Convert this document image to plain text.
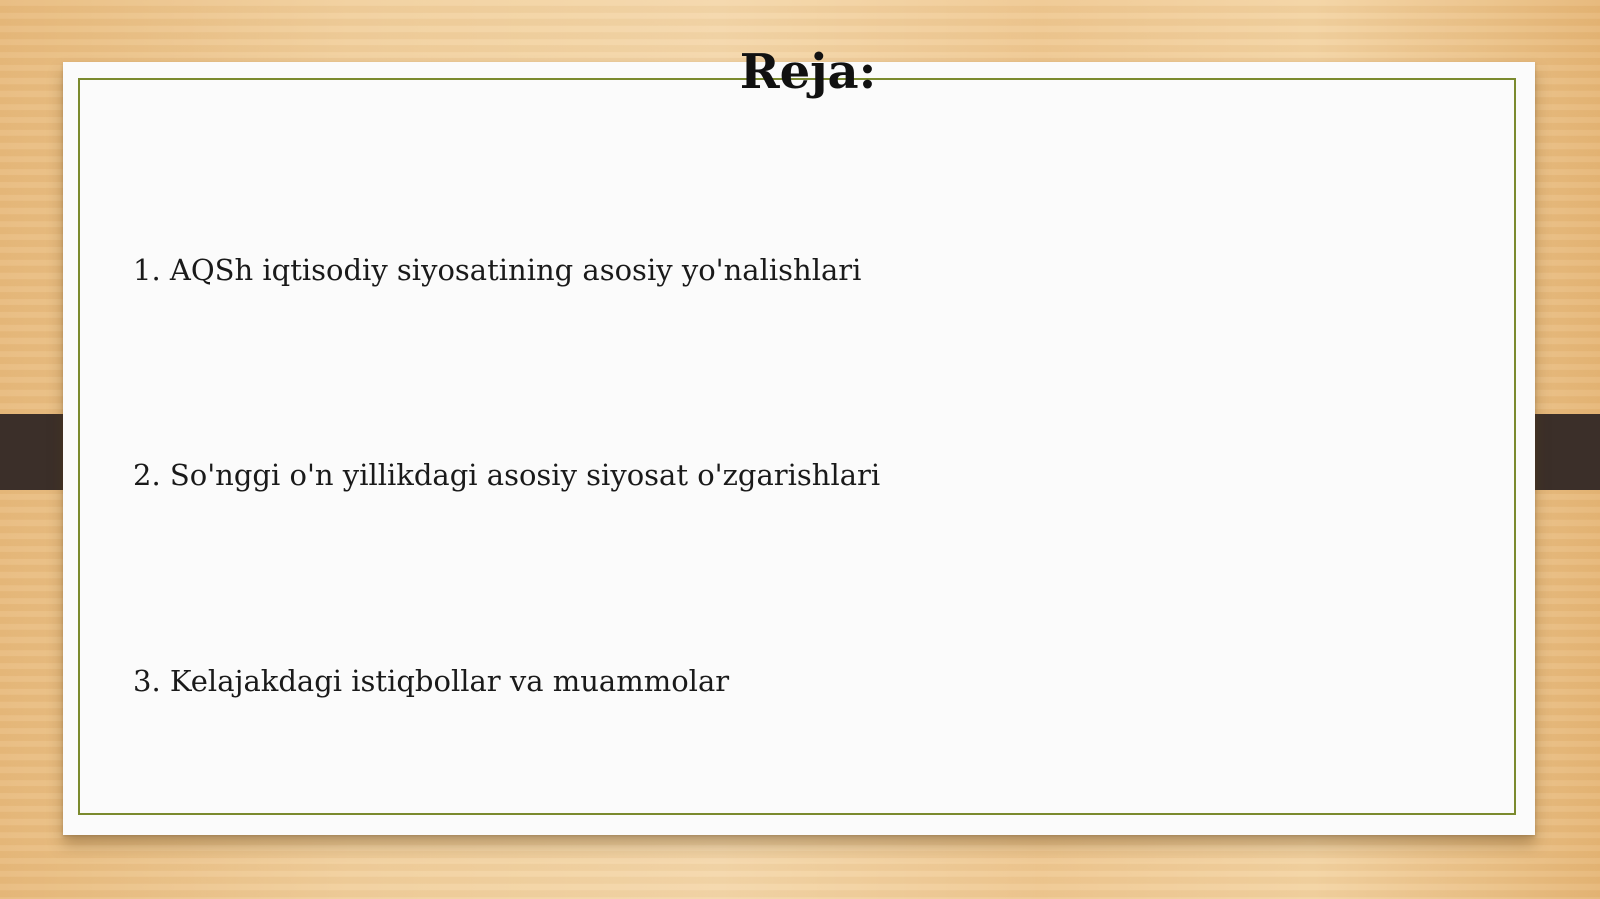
Reja:
1. AQSh iqtisodiy siyosatining asosiy yo'nalishlari
2. So'nggi o'n yillikdagi asosiy siyosat o'zgarishlari
3. Kelajakdagi istiqbollar va muammolar
